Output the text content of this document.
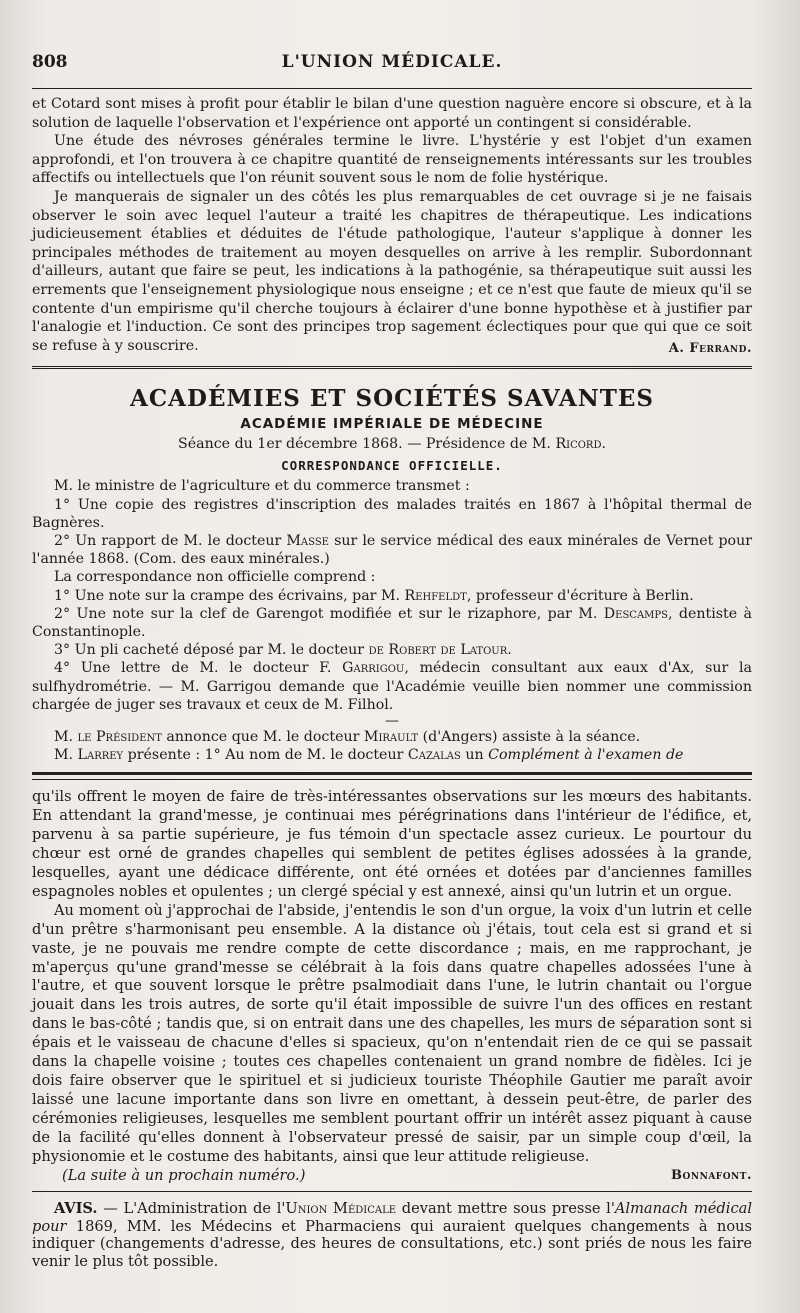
808	L'UNION MÉDICALE.

et Cotard sont mises à profit pour établir le bilan d'une question naguère encore si obscure, et à la solution de laquelle l'observation et l'expérience ont apporté un contingent si considérable.

Une étude des névroses générales termine le livre. L'hystérie y est l'objet d'un examen approfondi, et l'on trouvera à ce chapitre quantité de renseignements intéressants sur les troubles affectifs ou intellectuels que l'on réunit souvent sous le nom de folie hystérique.

Je manquerais de signaler un des côtés les plus remarquables de cet ouvrage si je ne faisais observer le soin avec lequel l'auteur a traité les chapitres de thérapeutique. Les indications judicieusement établies et déduites de l'étude pathologique, l'auteur s'applique à donner les principales méthodes de traitement au moyen desquelles on arrive à les remplir. Subordonnant d'ailleurs, autant que faire se peut, les indications à la pathogénie, sa thérapeutique suit aussi les errements que l'enseignement physiologique nous enseigne ; et ce n'est que faute de mieux qu'il se contente d'un empirisme qu'il cherche toujours à éclairer d'une bonne hypothèse et à justifier par l'analogie et l'induction. Ce sont des principes trop sagement éclectiques pour que qui que ce soit se refuse à y souscrire.	A. Ferrand.
ACADÉMIES ET SOCIÉTÉS SAVANTES
ACADÉMIE IMPÉRIALE DE MÉDECINE
Séance du 1er décembre 1868. — Présidence de M. Ricord.
CORRESPONDANCE OFFICIELLE.

M. le ministre de l'agriculture et du commerce transmet :

1° Une copie des registres d'inscription des malades traités en 1867 à l'hôpital thermal de Bagnères.

2° Un rapport de M. le docteur Masse sur le service médical des eaux minérales de Vernet pour l'année 1868. (Com. des eaux minérales.)

La correspondance non officielle comprend :

1° Une note sur la crampe des écrivains, par M. Rehfeldt, professeur d'écriture à Berlin.

2° Une note sur la clef de Garengot modifiée et sur le rizaphore, par M. Descamps, dentiste à Constantinople.

3° Un pli cacheté déposé par M. le docteur de Robert de Latour.

4° Une lettre de M. le docteur F. Garrigou, médecin consultant aux eaux d'Ax, sur la sulfhydrométrie. — M. Garrigou demande que l'Académie veuille bien nommer une commission chargée de juger ses travaux et ceux de M. Filhol.

—

M. le Président annonce que M. le docteur Mirault (d'Angers) assiste à la séance.

M. Larrey présente : 1° Au nom de M. le docteur Cazalas un Complément à l'examen de

qu'ils offrent le moyen de faire de très-intéressantes observations sur les mœurs des habitants. En attendant la grand'messe, je continuai mes pérégrinations dans l'intérieur de l'édifice, et, parvenu à sa partie supérieure, je fus témoin d'un spectacle assez curieux. Le pourtour du chœur est orné de grandes chapelles qui semblent de petites églises adossées à la grande, lesquelles, ayant une dédicace différente, ont été ornées et dotées par d'anciennes familles espagnoles nobles et opulentes ; un clergé spécial y est annexé, ainsi qu'un lutrin et un orgue.

Au moment où j'approchai de l'abside, j'entendis le son d'un orgue, la voix d'un lutrin et celle d'un prêtre s'harmonisant peu ensemble. A la distance où j'étais, tout cela est si grand et si vaste, je ne pouvais me rendre compte de cette discordance ; mais, en me rapprochant, je m'aperçus qu'une grand'messe se célébrait à la fois dans quatre chapelles adossées l'une à l'autre, et que souvent lorsque le prêtre psalmodiait dans l'une, le lutrin chantait ou l'orgue jouait dans les trois autres, de sorte qu'il était impossible de suivre l'un des offices en restant dans le bas-côté ; tandis que, si on entrait dans une des chapelles, les murs de séparation sont si épais et le vaisseau de chacune d'elles si spacieux, qu'on n'entendait rien de ce qui se passait dans la chapelle voisine ; toutes ces chapelles contenaient un grand nombre de fidèles. Ici je dois faire observer que le spirituel et si judicieux touriste Théophile Gautier me paraît avoir laissé une lacune importante dans son livre en omettant, à dessein peut-être, de parler des cérémonies religieuses, lesquelles me semblent pourtant offrir un intérêt assez piquant à cause de la facilité qu'elles donnent à l'observateur pressé de saisir, par un simple coup d'œil, la physionomie et le costume des habitants, ainsi que leur attitude religieuse.

(La suite à un prochain numéro.)	Bonnafont.

AVIS. — L'Administration de l'Union Médicale devant mettre sous presse l'Almanach médical pour 1869, MM. les Médecins et Pharmaciens qui auraient quelques changements à nous indiquer (changements d'adresse, des heures de consultations, etc.) sont priés de nous les faire venir le plus tôt possible.
